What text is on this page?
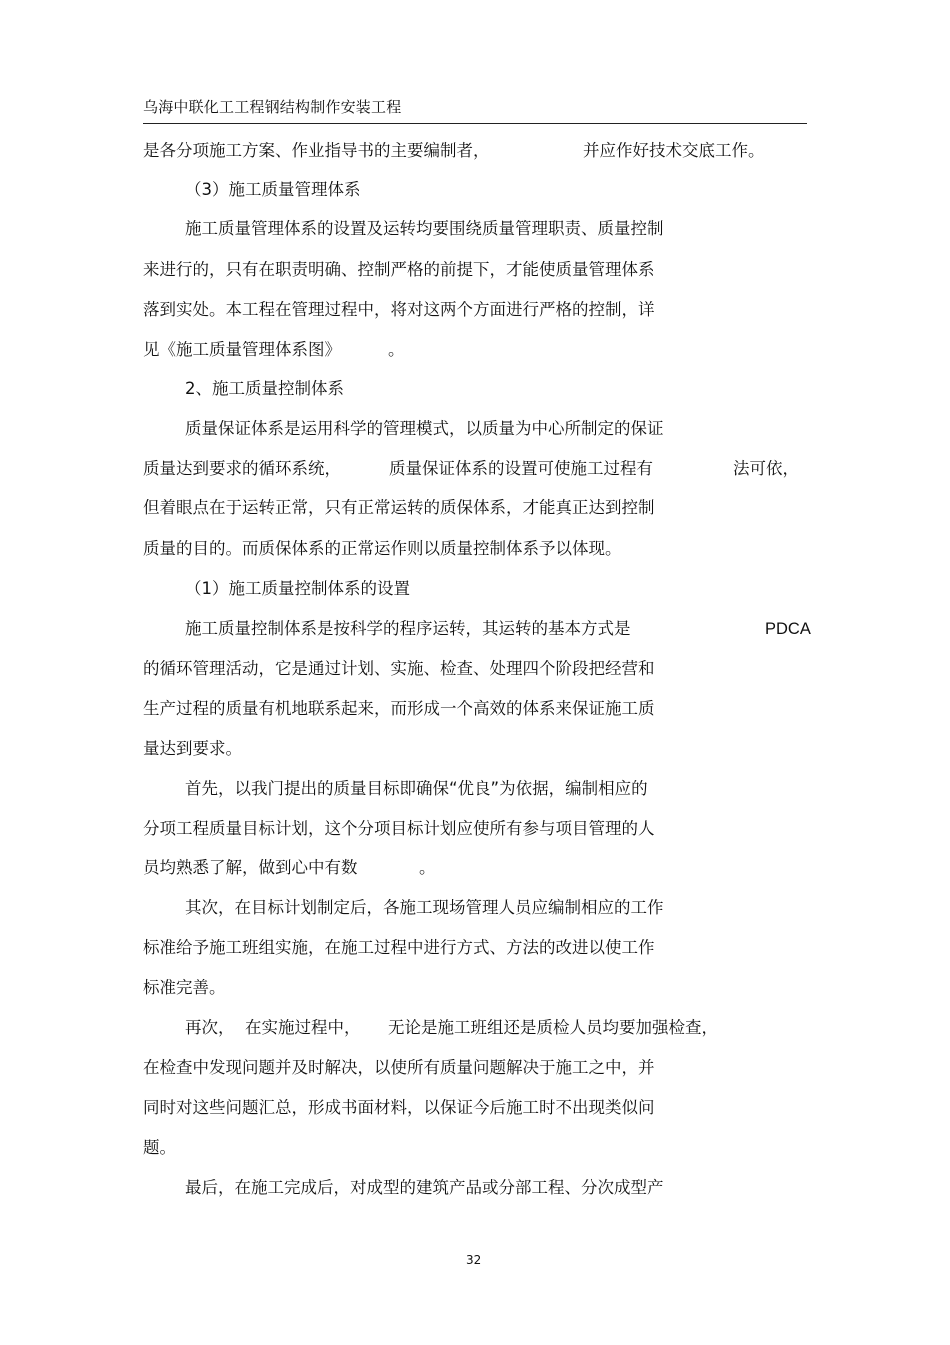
乌海中联化工工程钢结构制作安装工程
是各分项施工方案、作业指导书的主要编制者，	并应作好技术交底工作。
（3）施工质量管理体系
施工质量管理体系的设置及运转均要围绕质量管理职责、质量控制
来进行的，只有在职责明确、控制严格的前提下，才能使质量管理体系
落到实处。本工程在管理过程中，将对这两个方面进行严格的控制，详
见《施工质量管理体系图》	。
2、施工质量控制体系
质量保证体系是运用科学的管理模式，以质量为中心所制定的保证
质量达到要求的循环系统，	质量保证体系的设置可使施工过程有	法可依，
但着眼点在于运转正常，只有正常运转的质保体系，才能真正达到控制
质量的目的。而质保体系的正常运作则以质量控制体系予以体现。
（1）施工质量控制体系的设置
施工质量控制体系是按科学的程序运转，其运转的基本方式是	PDCA
的循环管理活动，它是通过计划、实施、检查、处理四个阶段把经营和
生产过程的质量有机地联系起来，而形成一个高效的体系来保证施工质
量达到要求。
首先，以我门提出的质量目标即确保“优良”为依据，编制相应的
分项工程质量目标计划，这个分项目标计划应使所有参与项目管理的人
员均熟悉了解，做到心中有数	。
其次，在目标计划制定后，各施工现场管理人员应编制相应的工作
标准给予施工班组实施，在施工过程中进行方式、方法的改进以使工作
标准完善。
再次， 在实施过程中， 无论是施工班组还是质检人员均要加强检查，
在检查中发现问题并及时解决，以使所有质量问题解决于施工之中，并
同时对这些问题汇总，形成书面材料，以保证今后施工时不出现类似问
题。
最后，在施工完成后，对成型的建筑产品或分部工程、分次成型产
32
